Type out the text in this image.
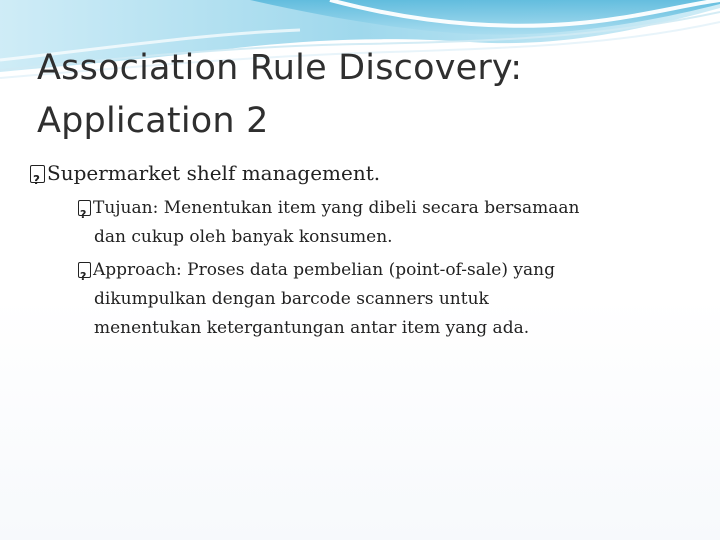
Association Rule Discovery:
Application 2
?Supermarket shelf management.
?Tujuan: Menentukan item yang dibeli secara bersamaan
dan cukup oleh banyak konsumen.
?Approach: Proses data pembelian (point-of-sale) yang
dikumpulkan dengan barcode scanners untuk
menentukan ketergantungan antar item yang ada.
